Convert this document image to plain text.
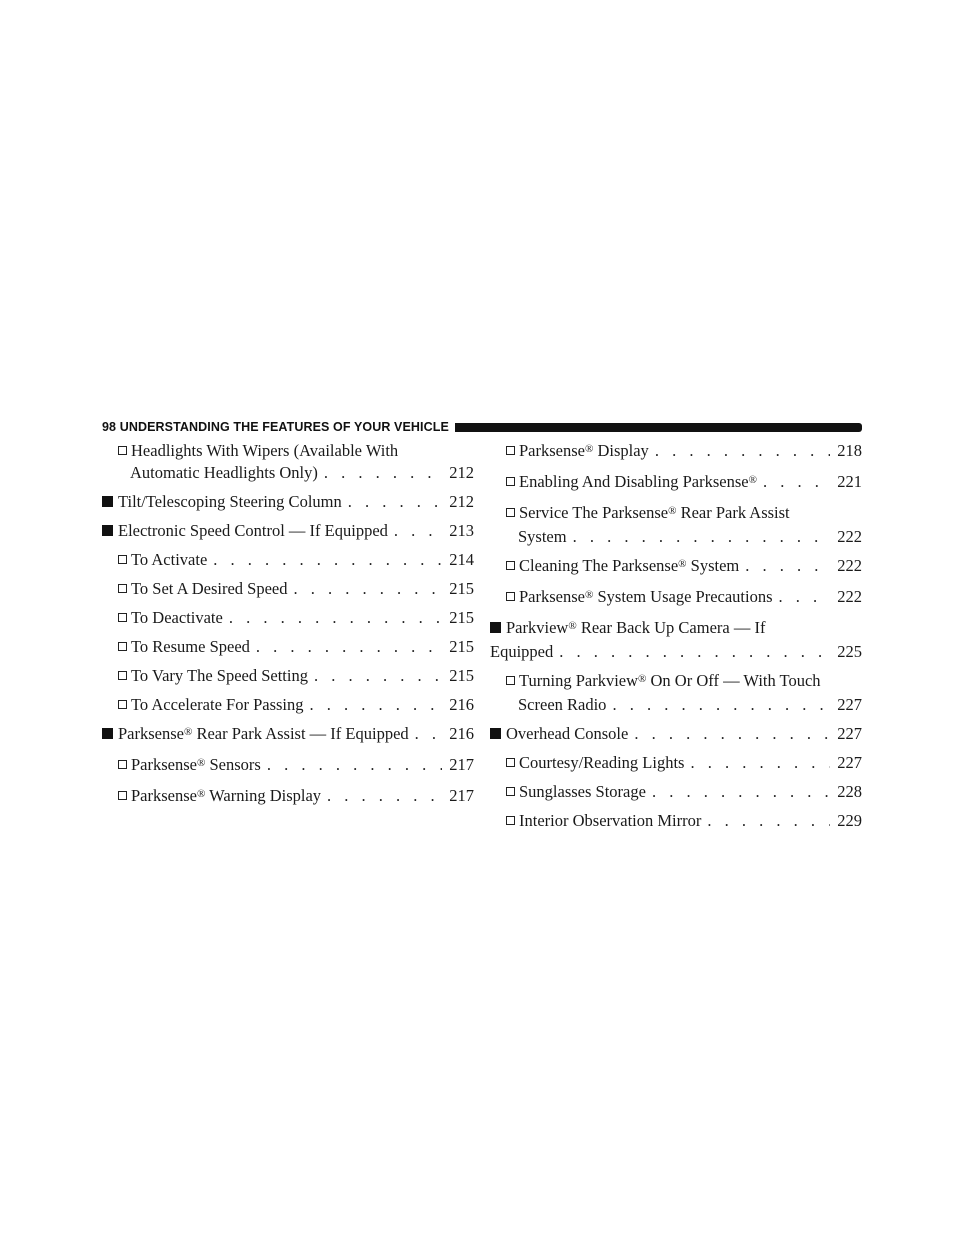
98 UNDERSTANDING THE FEATURES OF YOUR VEHICLE
Headlights With Wipers (Available With
Automatic Headlights Only) . . .	212
Tilt/Telescoping Steering Column . . .	212
Electronic Speed Control — If Equipped . . .	213
To Activate . . .	214
To Set A Desired Speed . . .	215
To Deactivate . . .	215
To Resume Speed . . .	215
To Vary The Speed Setting . . .	215
To Accelerate For Passing . . .	216
Parksense® Rear Park Assist — If Equipped . . . 216
Parksense® Sensors . . .	217
Parksense® Warning Display . . .	217
Parksense® Display . . .	218
Enabling And Disabling Parksense® . . .	221
Service The Parksense® Rear Park Assist
System . . .	222
Cleaning The Parksense® System . . .	222
Parksense® System Usage Precautions . . .	222
Parkview® Rear Back Up Camera — If
Equipped . . .	225
Turning Parkview® On Or Off — With Touch
Screen Radio . . .	227
Overhead Console . . .	227
Courtesy/Reading Lights . . .	227
Sunglasses Storage . . .	228
Interior Observation Mirror . . .	229
